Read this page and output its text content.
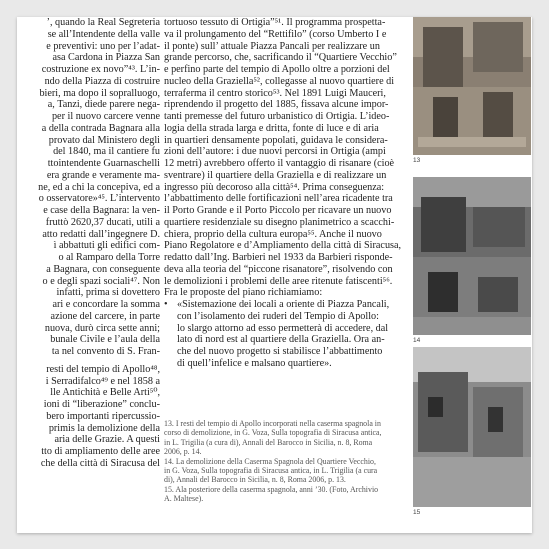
’, quando la Real Segreteria

se all’Intendente della valle

e preventivi: uno per l’adat-

asa Cardona in Piazza San

costruzione ex novo”⁴³. L’in-

ndo della Piazza di costruire

bieri, ma dopo il sopralluogo,

a, Tanzi, diede parere nega-

per il nuovo carcere venne

a della contrada Bagnara alla

provato dal Ministero degli

del 1840, ma il cantiere fu

ttointendente Guarnaschelli

era grande e veramente ma-

ne, ed a chi la concepiva, ed a

o osservatore»⁴⁵. L’intervento

e case della Bagnara: la ven-

fruttò 2620,37 ducati, utili a

atto redatti dall’ingegnere D.

ì abbattuti gli edifici com-

o al Ramparo della Torre

a Bagnara, con conseguente

o e degli spazi sociali⁴⁷. Non

infatti, prima si dovettero

ari e concordare la somma

azione del carcere, in parte

nuova, durò circa sette anni;

bunale Civile e l’aula della

ta nel convento di S. Fran-

resti del tempio di Apollo⁴⁸,

i Serradifalco⁴⁹ e nel 1858 a

lle Antichità e Belle Arti⁵⁰,

ioni di “liberazione” conclu-

bero importanti ripercussio-

primis la demolizione della

aria delle Grazie. A questi

tto di ampliamento delle aree

che della città di Siracusa del

tortuoso tessuto di Ortigia”⁵¹. Il programma prospetta-

va il prolungamento del “Rettifilo” (corso Umberto I e

il ponte) sull’ attuale Piazza Pancali per realizzare un

grande percorso, che, sacrificando il “Quartiere Vecchio”

e perfino parte del tempio di Apollo oltre a porzioni del

nucleo della Graziella⁵², collegasse al nuovo quartiere di

terraferma il centro storico⁵³. Nel 1891 Luigi Mauceri,

riprendendo il progetto del 1885, fissava alcune impor-

tanti premesse del futuro urbanistico di Ortigia. L’ideo-

logia della strada larga e dritta, fonte di luce e di aria

in quartieri densamente popolati, guidava le considera-

zioni dell’autore: i due nuovi percorsi in Ortigia (ampi

12 metri) avrebbero offerto il vantaggio di risanare (cioè

sventrare) il quartiere della Graziella e di realizzare un

ingresso più decoroso alla città⁵⁴. Prima conseguenza:

l’abbattimento delle fortificazioni nell’area ricadente tra

il Porto Grande e il Porto Piccolo per ricavare un nuovo

quartiere residenziale su disegno planimetrico a scacchi-

chiera, proprio della cultura europa⁵⁵. Anche il nuovo

Piano Regolatore e d’Ampliamento della città di Siracusa,

redatto dall’Ing. Barbieri nel 1933 da Barbieri risponde-

deva alla teoria del “piccone risanatore”, risolvendo con

le demolizioni i problemi delle aree ritenute fatiscenti⁵⁶.

Fra le proposte del piano richiamiamo:

• «Sistemazione dei locali a oriente di Piazza Pancali,

con l’isolamento dei ruderi del Tempio di Apollo:

lo slargo attorno ad esso permetterà di accedere, dal

lato di nord est al quartiere della Graziella. Ora an-

che del nuovo progetto si stabilisce l’abbattimento

di quell’infelice e malsano quartiere».

13. I resti del tempio di Apollo incorporati nella caserma spagnola in

corso di demolizione, in G. Voza, Sulla topografia di Siracusa antica,

in L. Trigilia (a cura di), Annali del Barocco in Sicilia, n. 8, Roma

2006, p. 14.

14. La demolizione della Caserma Spagnola del Quartiere Vecchio,

in G. Voza, Sulla topografia di Siracusa antica, in L. Trigilia (a cura

di), Annali del Barocco in Sicilia, n. 8, Roma 2006, p. 13.

15. Ala posteriore della caserma spagnola, anni ’30. (Foto, Archivio

A. Maltese).

13
14
15
